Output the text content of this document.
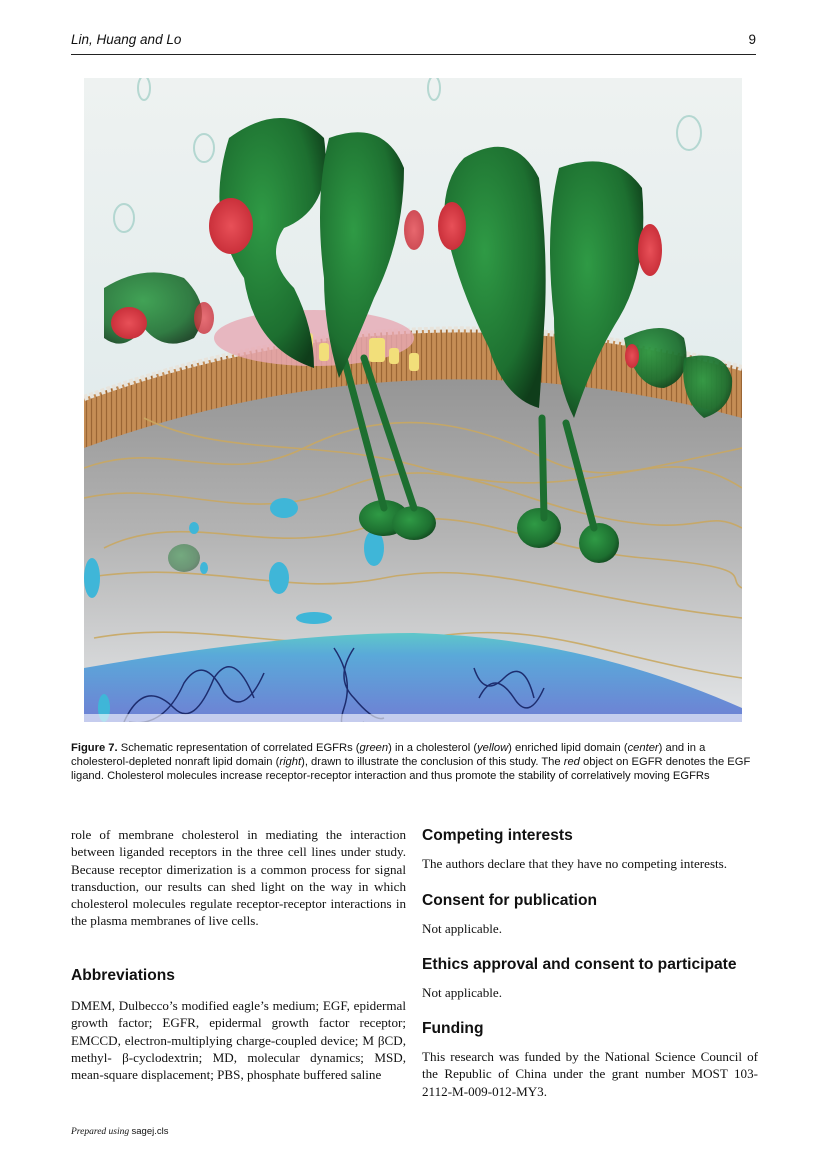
Lin, Huang and Lo	9
Figure 7. Schematic representation of correlated EGFRs (green) in a cholesterol (yellow) enriched lipid domain (center) and in a cholesterol-depleted nonraft lipid domain (right), drawn to illustrate the conclusion of this study. The red object on EGFR denotes the EGF ligand. Cholesterol molecules increase receptor-receptor interaction and thus promote the stability of correlatively moving EGFRs
role of membrane cholesterol in mediating the interaction between liganded receptors in the three cell lines under study. Because receptor dimerization is a common process for signal transduction, our results can shed light on the way in which cholesterol molecules regulate receptor-receptor interactions in the plasma membranes of live cells.
Abbreviations
DMEM, Dulbecco’s modified eagle’s medium; EGF, epidermal growth factor; EGFR, epidermal growth factor receptor; EMCCD, electron-multiplying charge-coupled device; M βCD, methyl- β-cyclodextrin; MD, molecular dynamics; MSD, mean-square displacement; PBS, phosphate buffered saline
Competing interests

The authors declare that they have no competing interests.

Consent for publication

Not applicable.

Ethics approval and consent to participate

Not applicable.

Funding

This research was funded by the National Science Council of the Republic of China under the grant number MOST 103-2112-M-009-012-MY3.

Prepared using sagej.cls
